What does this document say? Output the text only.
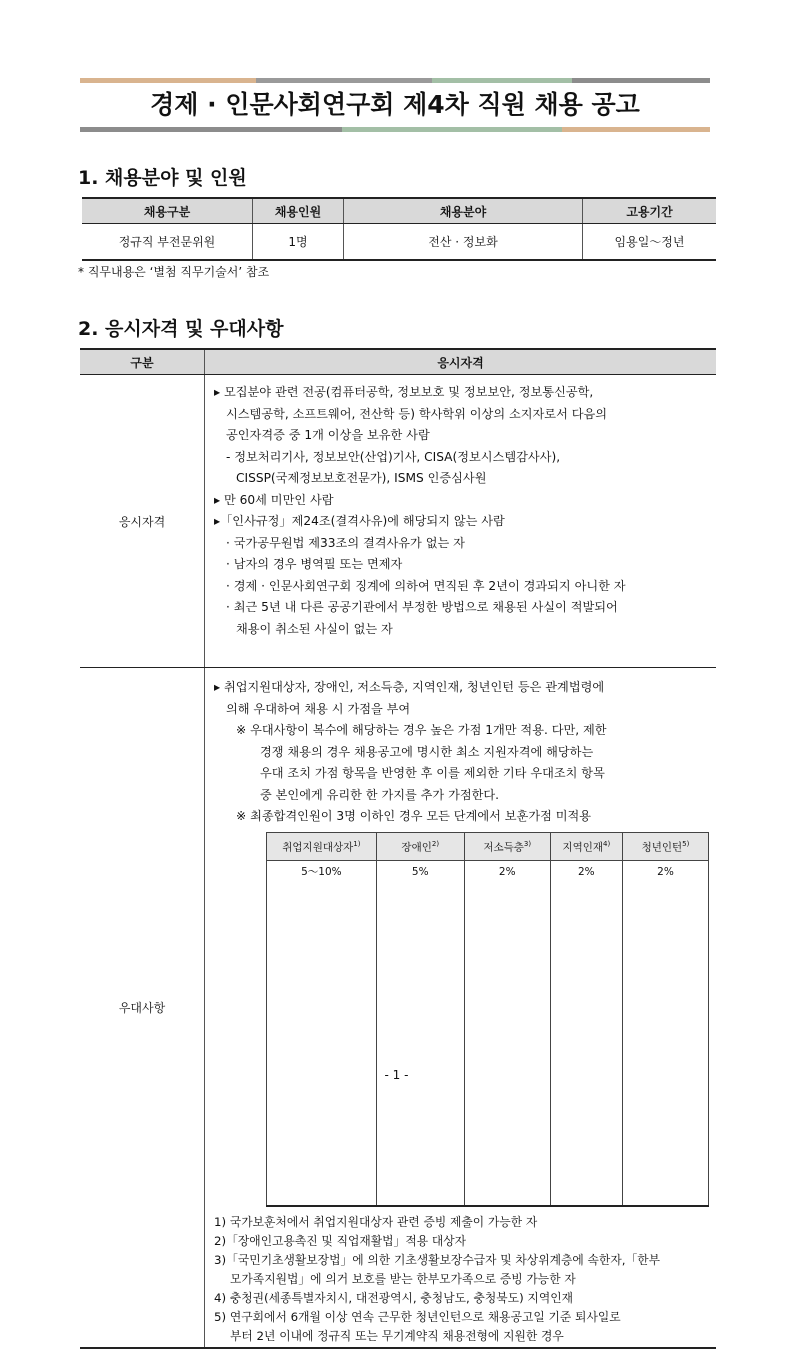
경제 · 인문사회연구회 제4차 직원 채용 공고
1. 채용분야 및 인원
채용구분	채용인원	채용분야	고용기간
정규직 부전문위원	1명	전산 · 정보화	임용일～정년
* 직무내용은 ‘별첨 직무기술서’ 참조
2. 응시자격 및 우대사항
구분	응시자격
응시자격	

▸ 모집분야 관련 전공(컴퓨터공학, 정보보호 및 정보보안, 정보통신공학,

시스템공학, 소프트웨어, 전산학 등) 학사학위 이상의 소지자로서 다음의

공인자격증 중 1개 이상을 보유한 사람

- 정보처리기사, 정보보안(산업)기사, CISA(정보시스템감사사),

CISSP(국제정보보호전문가), ISMS 인증심사원

▸ 만 60세 미만인 사람

▸「인사규정」제24조(결격사유)에 해당되지 않는 사람

· 국가공무원법 제33조의 결격사유가 없는 자

· 남자의 경우 병역필 또는 면제자

· 경제 · 인문사회연구회 징계에 의하여 면직된 후 2년이 경과되지 아니한 자

· 최근 5년 내 다른 공공기관에서 부정한 방법으로 채용된 사실이 적발되어

채용이 취소된 사실이 없는 자

우대사항	

▸ 취업지원대상자, 장애인, 저소득층, 지역인재, 청년인턴 등은 관계법령에

의해 우대하여 채용 시 가점을 부여

※ 우대사항이 복수에 해당하는 경우 높은 가점 1개만 적용. 다만, 제한

경쟁 채용의 경우 채용공고에 명시한 최소 지원자격에 해당하는

우대 조치 가점 항목을 반영한 후 이를 제외한 기타 우대조치 항목

중 본인에게 유리한 한 가지를 추가 가점한다.

※ 최종합격인원이 3명 이하인 경우 모든 단계에서 보훈가점 미적용

취업지원대상자$^{1)}$	장애인$^{2)}$	저소득층$^{3)}$	지역인재$^{4)}$	청년인턴$^{5)}$
5～10%	5%	2%	2%	2%

1) 국가보훈처에서 취업지원대상자 관련 증빙 제출이 가능한 자

2)「장애인고용촉진 및 직업재활법」적용 대상자

3)「국민기초생활보장법」에 의한 기초생활보장수급자 및 차상위계층에 속한자,「한부

모가족지원법」에 의거 보호를 받는 한부모가족으로 증빙 가능한 자

4) 충청권(세종특별자치시, 대전광역시, 충청남도, 충청북도) 지역인재

5) 연구회에서 6개월 이상 연속 근무한 청년인턴으로 채용공고일 기준 퇴사일로

부터 2년 이내에 정규직 또는 무기계약직 채용전형에 지원한 경우

- 1 -
